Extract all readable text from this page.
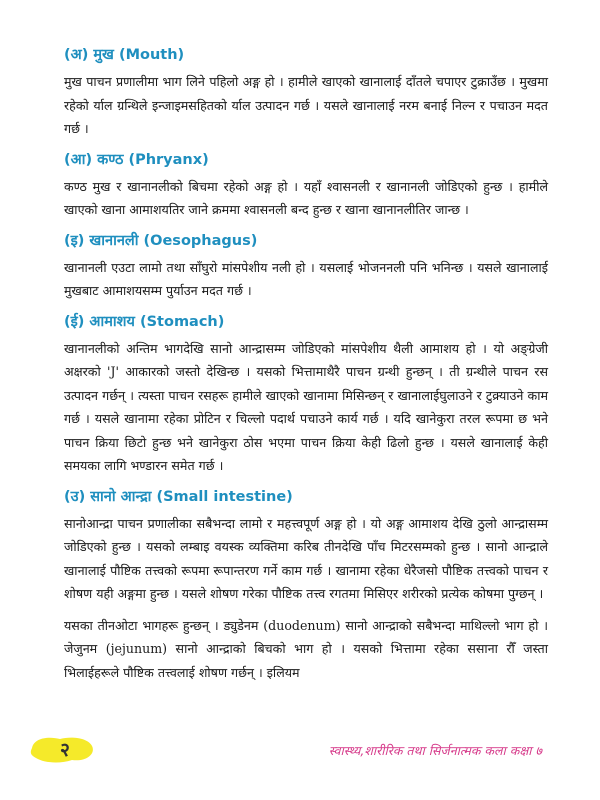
(अ) मुख (Mouth)

मुख पाचन प्रणालीमा भाग लिने पहिलो अङ्ग हो । हामीले खाएको खानालाई दाँतले चपाएर टुक्राउँछ । मुखमा रहेको र्याल ग्रन्थिले इन्जाइमसहितको र्याल उत्पादन गर्छ । यसले खानालाई नरम बनाई निल्न र पचाउन मदत गर्छ ।

(आ) कण्ठ (Phryanx)

कण्ठ मुख र खानानलीको बिचमा रहेको अङ्ग हो । यहाँ श्वासनली र खानानली जोडिएको हुन्छ । हामीले खाएको खाना आमाशयतिर जाने क्रममा श्वासनली बन्द हुन्छ र खाना खानानलीतिर जान्छ ।

(इ) खानानली (Oesophagus)

खानानली एउटा लामो तथा साँघुरो मांसपेशीय नली हो । यसलाई भोजननली पनि भनिन्छ । यसले खानालाई मुखबाट आमाशयसम्म पुर्याउन मदत गर्छ ।

(ई) आमाशय (Stomach)

खानानलीको अन्तिम भागदेखि सानो आन्द्रासम्म जोडिएको मांसपेशीय थैली आमाशय हो । यो अङ्ग्रेजी अक्षरको 'J' आकारको जस्तो देखिन्छ । यसको भित्तामाथैरै पाचन ग्रन्थी हुन्छन् । ती ग्रन्थीले पाचन रस उत्पादन गर्छन् । त्यस्ता पाचन रसहरू हामीले खाएको खानामा मिसिन्छन् र खानालाईघुलाउने र टुक्र्याउने काम गर्छ । यसले खानामा रहेका प्रोटिन र चिल्लो पदार्थ पचाउने कार्य गर्छ । यदि खानेकुरा तरल रूपमा छ भने पाचन क्रिया छिटो हुन्छ भने खानेकुरा ठोस भएमा पाचन क्रिया केही ढिलो हुन्छ । यसले खानालाई केही समयका लागि भण्डारन समेत गर्छ ।

(उ) सानो आन्द्रा (Small intestine)

सानोआन्द्रा पाचन प्रणालीका सबैभन्दा लामो र महत्त्वपूर्ण अङ्ग हो । यो अङ्ग आमाशय देखि ठुलो आन्द्रासम्म जोडिएको हुन्छ । यसको लम्बाइ वयस्क व्यक्तिमा करिब तीनदेखि पाँच मिटरसम्मको हुन्छ । सानो आन्द्राले खानालाई पौष्टिक तत्त्वको रूपमा रूपान्तरण गर्ने काम गर्छ । खानामा रहेका धेरैजसो पौष्टिक तत्त्वको पाचन र शोषण यही अङ्गमा हुन्छ । यसले शोषण गरेका पौष्टिक तत्त्व रगतमा मिसिएर शरीरको प्रत्येक कोषमा पुग्छन् ।

यसका तीनओटा भागहरू हुन्छन् । ड्युडेनम (duodenum) सानो आन्द्राको सबैभन्दा माथिल्लो भाग हो । जेजुनम (jejunum) सानो आन्द्राको बिचको भाग हो । यसको भित्तामा रहेका ससाना रौँ जस्ता भिलाईहरूले पौष्टिक तत्त्वलाई शोषण गर्छन् । इलियम

२	स्वास्थ्य,शारीरिक तथा सिर्जनात्मक कला कक्षा ७
